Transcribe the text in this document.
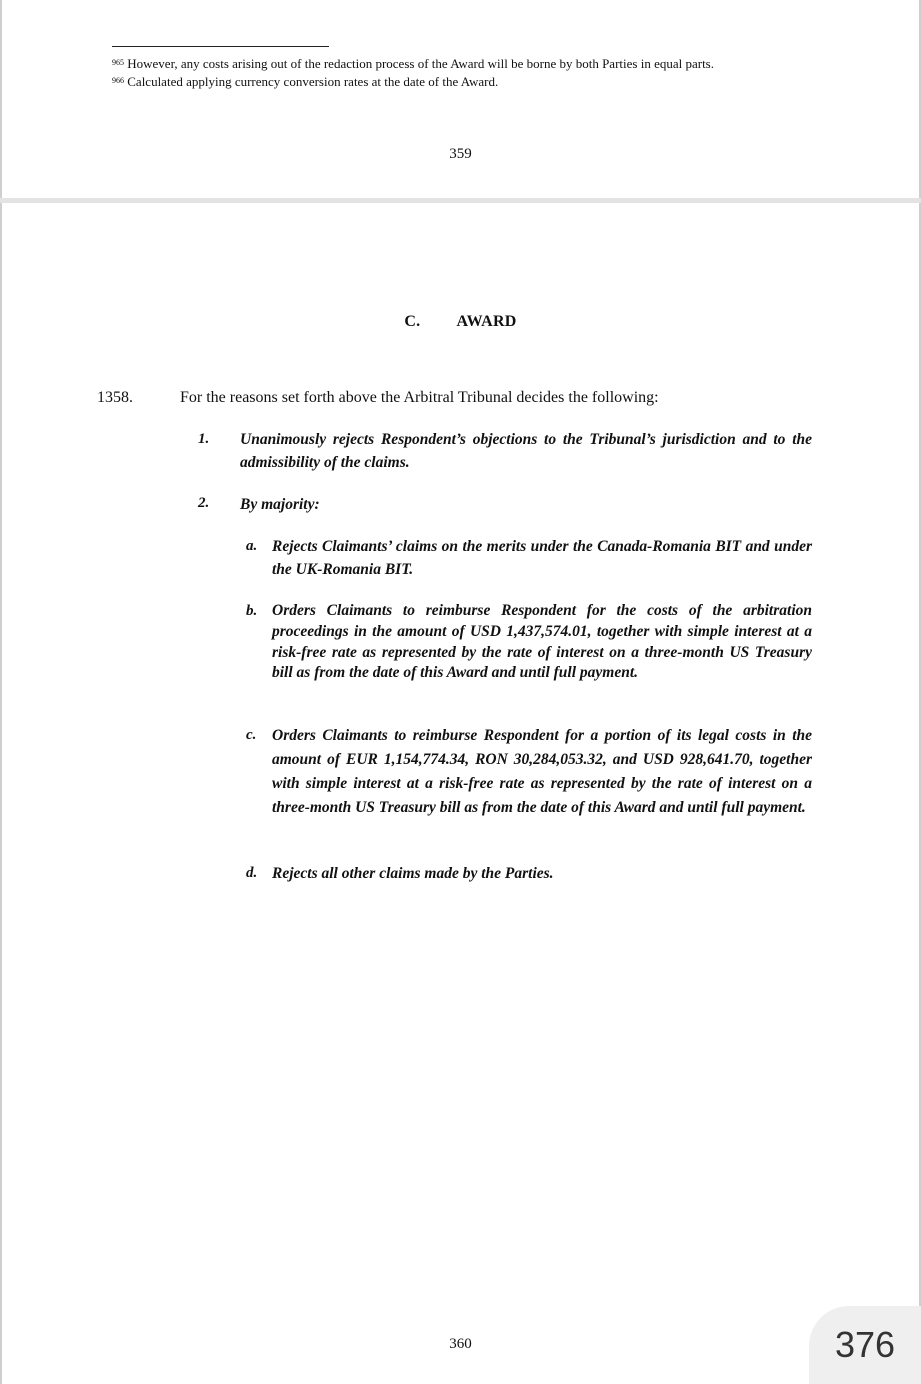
$^{965}$ However, any costs arising out of the redaction process of the Award will be borne by both Parties in equal parts.
$^{966}$ Calculated applying currency conversion rates at the date of the Award.
359
C. AWARD
1358.	For the reasons set forth above the Arbitral Tribunal decides the following:
1. Unanimously rejects Respondent’s objections to the Tribunal’s jurisdiction and to the admissibility of the claims.
2. By majority:
a. Rejects Claimants’ claims on the merits under the Canada-Romania BIT and under the UK-Romania BIT.
b. Orders Claimants to reimburse Respondent for the costs of the arbitration proceedings in the amount of USD 1,437,574.01, together with simple interest at a risk-free rate as represented by the rate of interest on a three-month US Treasury bill as from the date of this Award and until full payment.
c. Orders Claimants to reimburse Respondent for a portion of its legal costs in the amount of EUR 1,154,774.34, RON 30,284,053.32, and USD 928,641.70, together with simple interest at a risk-free rate as represented by the rate of interest on a three-month US Treasury bill as from the date of this Award and until full payment.
d. Rejects all other claims made by the Parties.
360	376
